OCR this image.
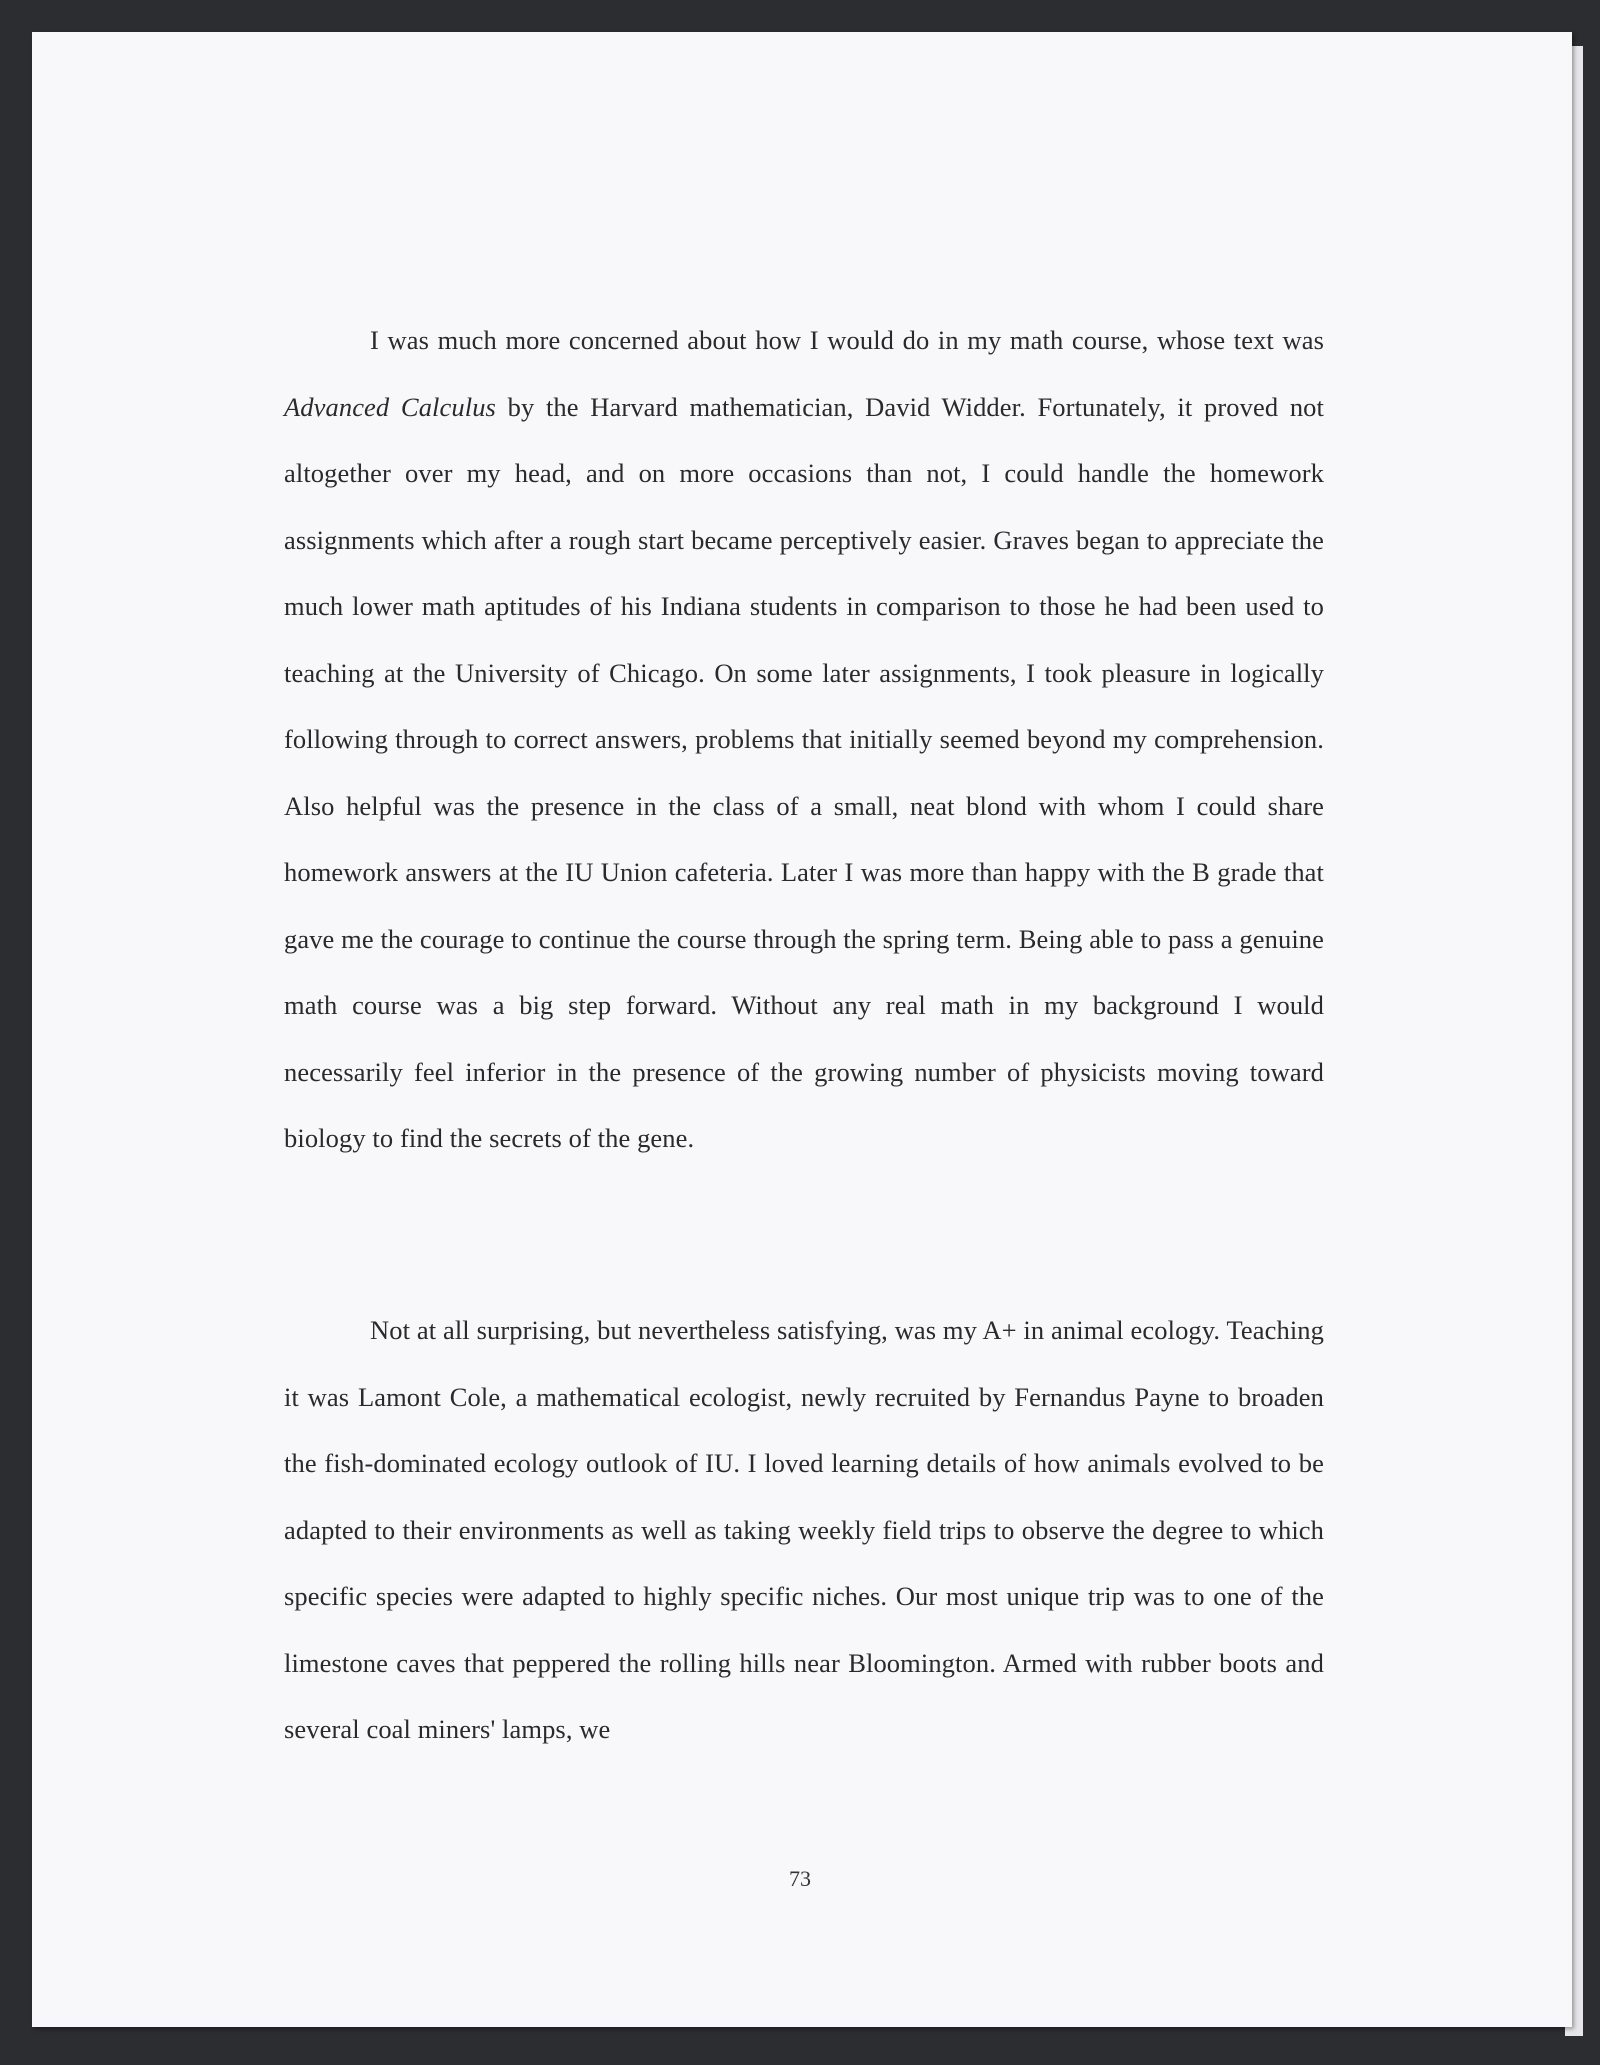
I was much more concerned about how I would do in my math course, whose text was Advanced Calculus by the Harvard mathematician, David Widder. Fortunately, it proved not altogether over my head, and on more occasions than not, I could handle the homework assignments which after a rough start became perceptively easier. Graves began to appreciate the much lower math aptitudes of his Indiana students in comparison to those he had been used to teaching at the University of Chicago. On some later assignments, I took pleasure in logically following through to correct answers, problems that initially seemed beyond my comprehension. Also helpful was the presence in the class of a small, neat blond with whom I could share homework answers at the IU Union cafeteria. Later I was more than happy with the B grade that gave me the courage to continue the course through the spring term. Being able to pass a genuine math course was a big step forward. Without any real math in my background I would necessarily feel inferior in the presence of the growing number of physicists moving toward biology to find the secrets of the gene.

Not at all surprising, but nevertheless satisfying, was my A+ in animal ecology. Teaching it was Lamont Cole, a mathematical ecologist, newly recruited by Fernandus Payne to broaden the fish-dominated ecology outlook of IU. I loved learning details of how animals evolved to be adapted to their environments as well as taking weekly field trips to observe the degree to which specific species were adapted to highly specific niches. Our most unique trip was to one of the limestone caves that peppered the rolling hills near Bloomington. Armed with rubber boots and several coal miners' lamps, we

73
